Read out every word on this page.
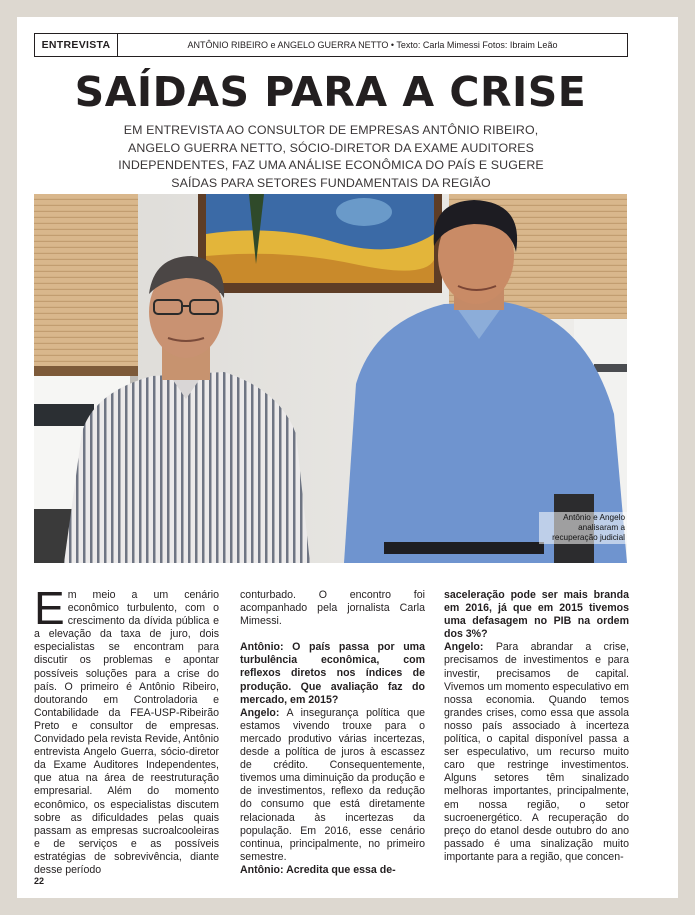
ENTREVISTA	ANTÔNIO RIBEIRO e ANGELO GUERRA NETTO • Texto: Carla Mimessi Fotos: Ibraim Leão
SAÍDAS PARA A CRISE
EM ENTREVISTA AO CONSULTOR DE EMPRESAS ANTÔNIO RIBEIRO, ANGELO GUERRA NETTO, SÓCIO-DIRETOR DA EXAME AUDITORES INDEPENDENTES, FAZ UMA ANÁLISE ECONÔMICA DO PAÍS E SUGERE SAÍDAS PARA SETORES FUNDAMENTAIS DA REGIÃO
Antônio e Angelo analisaram a recuperação judicial

Em meio a um cenário econômico turbulento, com o crescimento da dívida pública e a elevação da taxa de juro, dois especialistas se encontram para discutir os problemas e apontar possíveis soluções para a crise do país. O primeiro é Antônio Ribeiro, doutorando em Controladoria e Contabilidade da FEA-USP-Ribeirão Preto e consultor de empresas. Convidado pela revista Revide, Antônio entrevista Angelo Guerra, sócio-diretor da Exame Auditores Independentes, que atua na área de reestruturação empresarial. Além do momento econômico, os especialistas discutem sobre as dificuldades pelas quais passam as empresas sucroalcooleiras e de serviços e as possíveis estratégias de sobrevivência, diante desse período

conturbado. O encontro foi acompanhado pela jornalista Carla Mimessi.

Antônio: O país passa por uma turbulência econômica, com reflexos diretos nos índices de produção. Que avaliação faz do mercado, em 2015?

Angelo: A insegurança política que estamos vivendo trouxe para o mercado produtivo várias incertezas, desde a política de juros à escassez de crédito. Consequentemente, tivemos uma diminuição da produção e de investimentos, reflexo da redução do consumo que está diretamente relacionada às incertezas da população. Em 2016, esse cenário continua, principalmente, no primeiro semestre.

Antônio: Acredita que essa de-

saceleração pode ser mais branda em 2016, já que em 2015 tivemos uma defasagem no PIB na ordem dos 3%?

Angelo: Para abrandar a crise, precisamos de investimentos e para investir, precisamos de capital. Vivemos um momento especulativo em nossa economia. Quando temos grandes crises, como essa que assola nosso país associado à incerteza política, o capital disponível passa a ser especulativo, um recurso muito caro que restringe investimentos. Alguns setores têm sinalizado melhoras importantes, principalmente, em nossa região, o setor sucroenergético. A recuperação do preço do etanol desde outubro do ano passado é uma sinalização muito importante para a região, que concen-

22
